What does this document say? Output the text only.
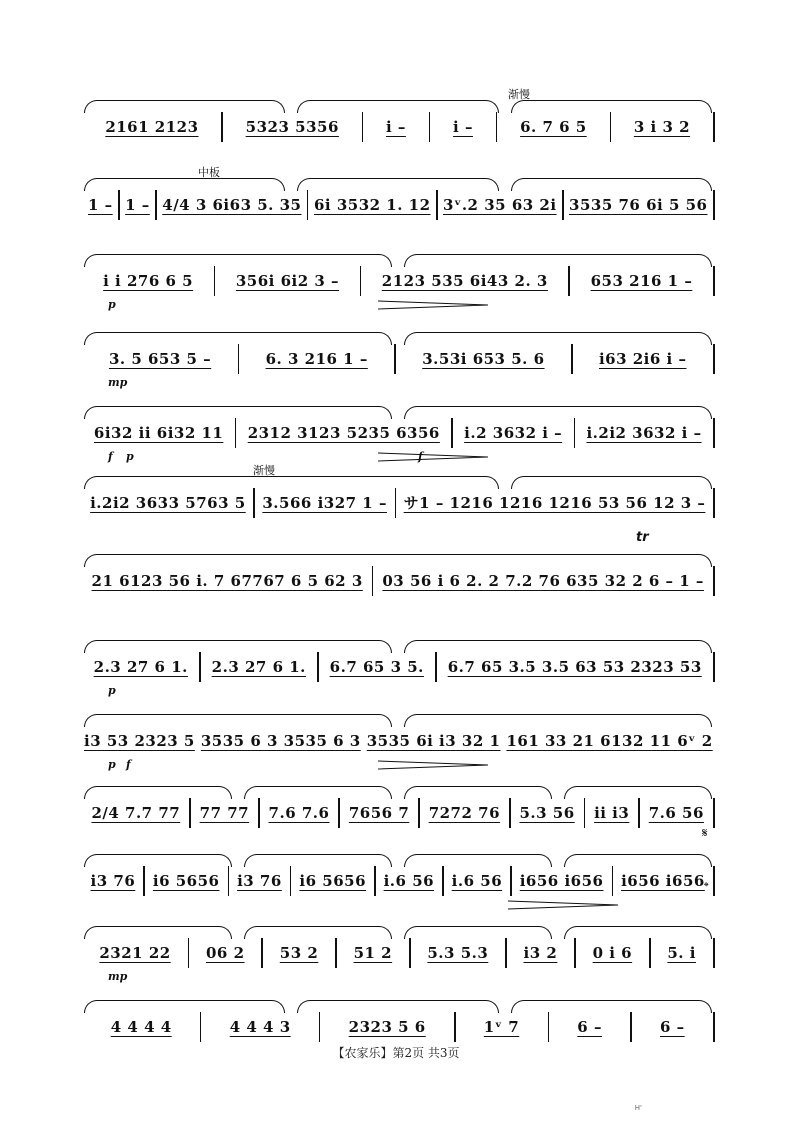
渐慢
2161 2123	5323 5356	i –	i –	6. 7 6 5	3 i 3 2
中板
1 – 1 – 4/4 3 6i63 5. 35 6i 3532 1. 12 3ᵛ.2 35 63 2i 3535 76 6i 5 56
i i 276 6 5	356i 6i2 3 –	2123 535 6i43 2. 3	653 216 1 –
p
3. 5 653 5 –	6. 3 216 1 –	3.53i 653 5. 6	i63 2i6 i –
mp
6i32 ii 6i32 11 2312 3123 5235 6356 i.2 3632 i – i.2i2 3632 i –
f p	f
渐慢
i.2i2 3633 5763 5 3.566 i327 1 – サ1 – 1216 1216 1216 53 56 12 3 –
21 6123 56 i. 7 67767 6 5 62 3 03 56 i 6 2. 2 7.2 76 635 32 2 6 – 1 –
2.3 27 6 1. 2.3 27 6 1. 6.7 65 3 5. 6.7 65 3.5 3.5 63 53 2323 53
p
i3 53 2323 5 3535 6 3 3535 6 3 3535 6i i3 32 1 161 33 21 6132 11 6ᵛ 2
p f
2/4 7.7 77 77 77 7.6 7.6 7656 7 7272 76 5.3 56 ii i3 7.6 56
i3 76 i6 5656 i3 76 i6 5656 i.6 56 i.6 56 i656 i656 i656 i656
2321 22 06 2 53 2 51 2 5.3 5.3 i3 2 0 i 6 5. i
mp
4 4 4 4	4 4 4 3	2323 5 6	1ᵛ 7	6 –	6 –
𝄋
𝄌
tr
【农家乐】第2页 共3页
H'
